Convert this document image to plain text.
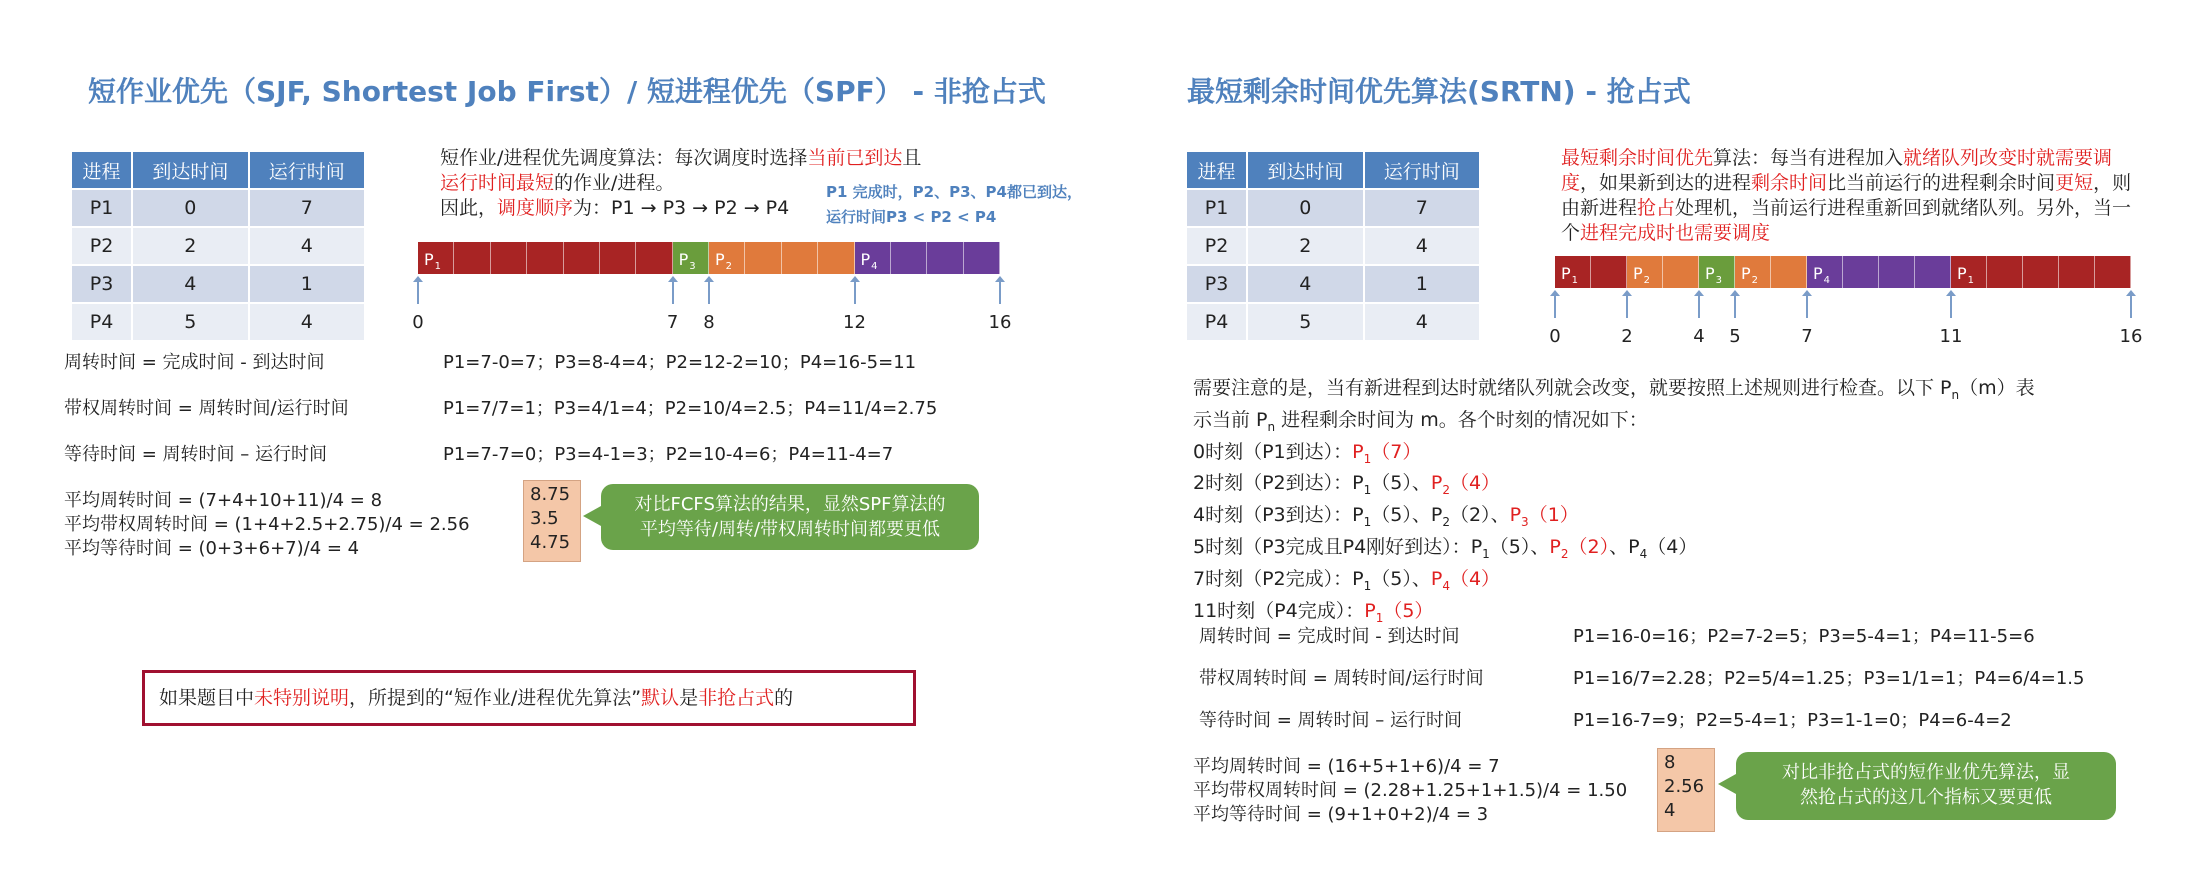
短作业优先（SJF, Shortest Job First）/ 短进程优先（SPF） - 非抢占式
进程	到达时间	运行时间
P1	0	7
P2	2	4
P3	4	1
P4	5	4
短作业/进程优先调度算法：每次调度时选择当前已到达且
运行时间最短的作业/进程。
因此，调度顺序为：P1 → P3 → P2 → P4
P1 完成时，P2、P3、P4都已到达，
运行时间P3 < P2 < P4
$P_1$	$P_3$ $P_2$	$P_4$
周转时间 = 完成时间 - 到达时间	P1=7-0=7；P3=8-4=4；P2=12-2=10；P4=16-5=11
带权周转时间 = 周转时间/运行时间	P1=7/7=1；P3=4/1=4；P2=10/4=2.5；P4=11/4=2.75
等待时间 = 周转时间 – 运行时间	P1=7-7=0；P3=4-1=3；P2=10-4=6；P4=11-4=7
平均周转时间 = (7+4+10+11)/4 = 8
平均带权周转时间 = (1+4+2.5+2.75)/4 = 2.56
平均等待时间 = (0+3+6+7)/4 = 4
8.75
3.5
4.75
对比FCFS算法的结果，显然SPF算法的
平均等待/周转/带权周转时间都要更低
如果题目中未特别说明，所提到的“短作业/进程优先算法”默认是非抢占式的
0	7 8	12	16
最短剩余时间优先算法(SRTN) - 抢占式
进程	到达时间	运行时间
P1	0	7
P2	2	4
P3	4	1
P4	5	4
最短剩余时间优先算法：每当有进程加入就绪队列改变时就需要调度，如果新到达的进程剩余时间比当前运行的进程剩余时间更短，则由新进程抢占处理机，当前运行进程重新回到就绪队列。另外，当一个进程完成时也需要调度
$P_1$	$P_2$	$P_3$ $P_2$	$P_4$	$P_1$
需要注意的是，当有新进程到达时就绪队列就会改变，就要按照上述规则进行检查。以下 $P_n(m)$表
示当前 $P_n$ 进程剩余时间为 m。各个时刻的情况如下：
0时刻（P1到达）：$P_1(7)$
2时刻（P2到达）：$P_1(5)$、$P_2(4)$
4时刻（P3到达）：$P_1(5)$、$P_2(2)$、$P_3(1)$
5时刻（P3完成且P4刚好到达）：$P_1(5)$、$P_2(2)$、$P_4(4)$
7时刻（P2完成）：$P_1(5)$、$P_4(4)$
11时刻（P4完成）：$P_1(5)$
周转时间 = 完成时间 - 到达时间	P1=16-0=16；P2=7-2=5；P3=5-4=1；P4=11-5=6
带权周转时间 = 周转时间/运行时间	P1=16/7=2.28；P2=5/4=1.25；P3=1/1=1；P4=6/4=1.5
等待时间 = 周转时间 – 运行时间	P1=16-7=9；P2=5-4=1；P3=1-1=0；P4=6-4=2
平均周转时间 = (16+5+1+6)/4 = 7
平均带权周转时间 = (2.28+1.25+1+1.5)/4 = 1.50
平均等待时间 = (9+1+0+2)/4 = 3
8
2.56
4
对比非抢占式的短作业优先算法，显
然抢占式的这几个指标又要更低
0	2	4 5	7	11	16
